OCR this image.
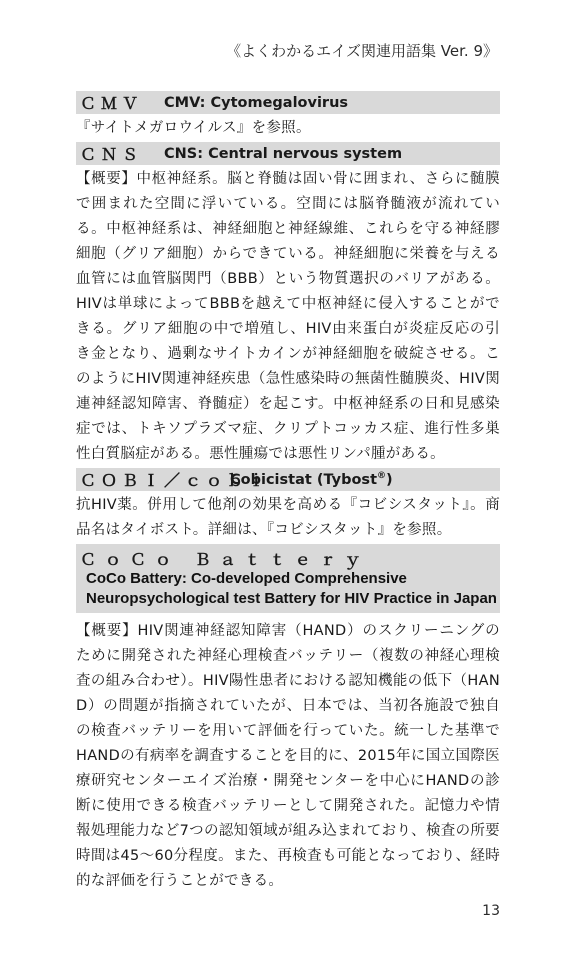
《よくわかるエイズ関連用語集 Ver. 9》
ＣＭＶ	CMV: Cytomegalovirus

『サイトメガロウイルス』を参照。

ＣＮＳ	CNS: Central nervous system

【概要】中枢神経系。脳と脊髄は固い骨に囲まれ、さらに髄膜で囲まれた空間に浮いている。空間には脳脊髄液が流れている。中枢神経系は、神経細胞と神経線維、これらを守る神経膠細胞（グリア細胞）からできている。神経細胞に栄養を与える血管には血管脳関門（BBB）という物質選択のバリアがある。HIVは単球によってBBBを越えて中枢神経に侵入することができる。グリア細胞の中で増殖し、HIV由来蛋白が炎症反応の引き金となり、過剰なサイトカインが神経細胞を破綻させる。このようにHIV関連神経疾患（急性感染時の無菌性髄膜炎、HIV関連神経認知障害、脊髄症）を起こす。中枢神経系の日和見感染症では、トキソプラズマ症、クリプトコッカス症、進行性多巣性白質脳症がある。悪性腫瘍では悪性リンパ腫がある。

ＣＯＢＩ／ｃｏｂｉ
Cobicistat (Tybost®)

抗HIV薬。併用して他剤の効果を高める『コビシスタット』。商品名はタイボスト。詳細は、『コビシスタット』を参照。

ＣｏＣｏ Ｂａｔｔｅｒｙ
CoCo Battery: Co-developed Comprehensive
Neuropsychological test Battery for HIV Practice in Japan

【概要】HIV関連神経認知障害（HAND）のスクリーニングのために開発された神経心理検査バッテリー（複数の神経心理検査の組み合わせ）。HIV陽性患者における認知機能の低下（HAND）の問題が指摘されていたが、日本では、当初各施設で独自の検査バッテリーを用いて評価を行っていた。統一した基準でHANDの有病率を調査することを目的に、2015年に国立国際医療研究センターエイズ治療・開発センターを中心にHANDの診断に使用できる検査バッテリーとして開発された。記憶力や情報処理能力など7つの認知領域が組み込まれており、検査の所要時間は45〜60分程度。また、再検査も可能となっており、経時的な評価を行うことができる。

13
